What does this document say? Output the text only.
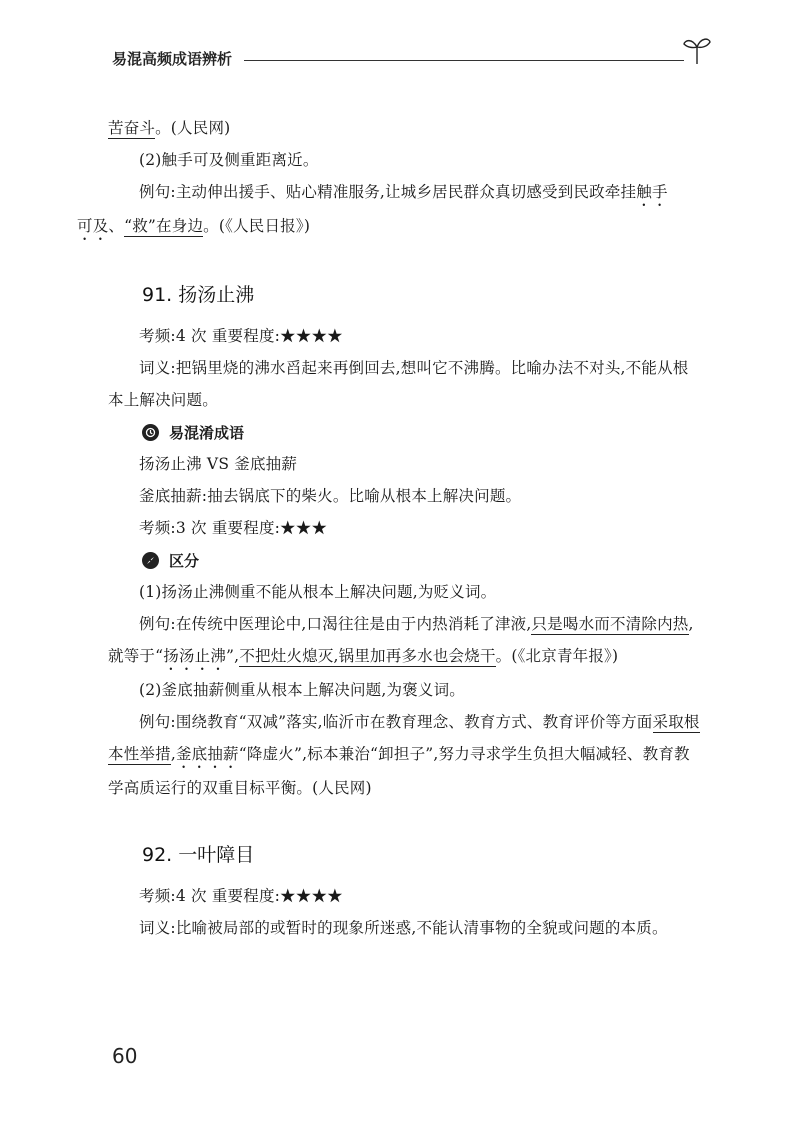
易混高频成语辨析

苦奋斗。(人民网)

(2)触手可及侧重距离近。

例句:主动伸出援手、贴心精准服务,让城乡居民群众真切感受到民政牵挂触手
可及、“救”在身边。(《人民日报》)

91. 扬汤止沸

考频:4 次 重要程度:★★★★

词义:把锅里烧的沸水舀起来再倒回去,想叫它不沸腾。比喻办法不对头,不能从根本上解决问题。

易混淆成语

扬汤止沸 VS 釜底抽薪

釜底抽薪:抽去锅底下的柴火。比喻从根本上解决问题。

考频:3 次 重要程度:★★★

区分

(1)扬汤止沸侧重不能从根本上解决问题,为贬义词。

例句:在传统中医理论中,口渴往往是由于内热消耗了津液,只是喝水而不清除内热,就等于“扬汤止沸”,不把灶火熄灭,锅里加再多水也会烧干。(《北京青年报》)

(2)釜底抽薪侧重从根本上解决问题,为褒义词。

例句:围绕教育“双减”落实,临沂市在教育理念、教育方式、教育评价等方面采取根本性举措,釜底抽薪“降虚火”,标本兼治“卸担子”,努力寻求学生负担大幅减轻、教育教学高质运行的双重目标平衡。(人民网)

92. 一叶障目

考频:4 次 重要程度:★★★★

词义:比喻被局部的或暂时的现象所迷惑,不能认清事物的全貌或问题的本质。

60
